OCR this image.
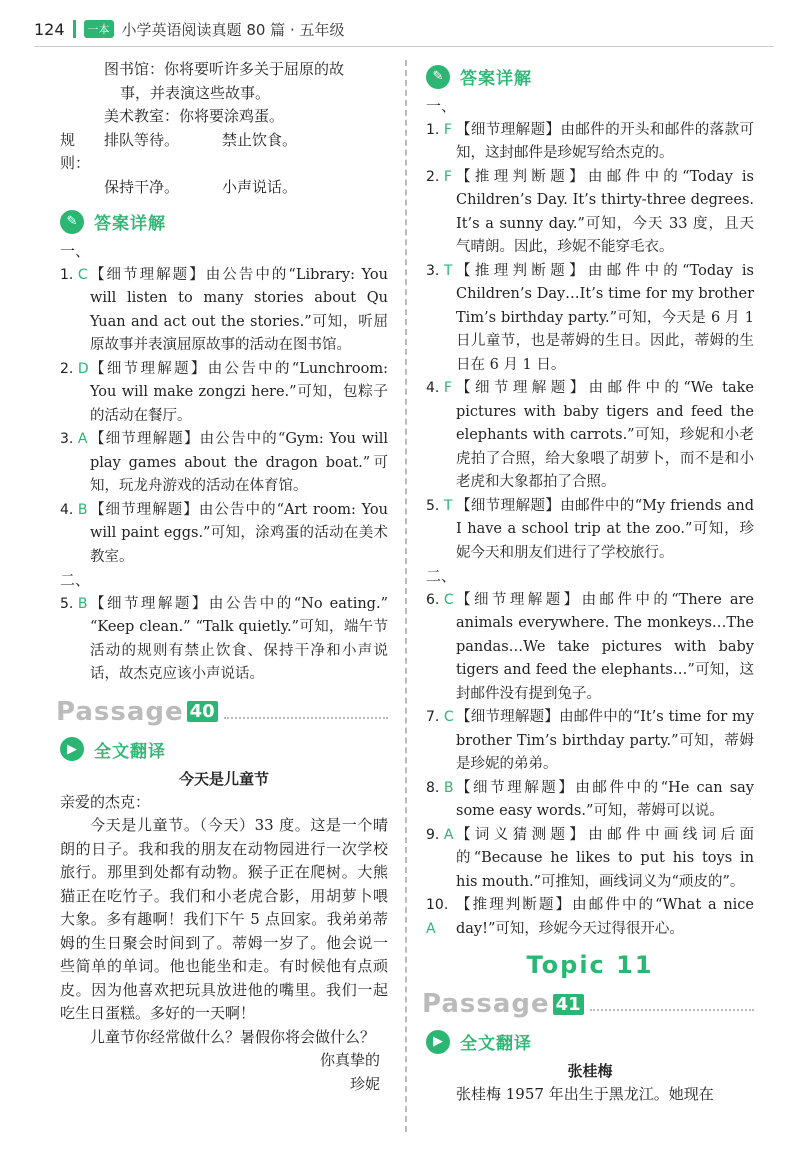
124	一本 小学英语阅读真题 80 篇 · 五年级

图书馆：你将要听许多关于屈原的故

事，并表演这些故事。

美术教室：你将要涂鸡蛋。

规则：
排队等待。	禁止饮食。
保持干净。	小声说话。
✎ 答案详解

一、

1. C 【细节理解题】由公告中的“Library: You will listen to many stories about Qu Yuan and act out the stories.”可知，听屈原故事并表演屈原故事的活动在图书馆。
2. D 【细节理解题】由公告中的“Lunchroom: You will make zongzi here.”可知，包粽子的活动在餐厅。
3. A 【细节理解题】由公告中的“Gym: You will play games about the dragon boat.”可知，玩龙舟游戏的活动在体育馆。
4. B 【细节理解题】由公告中的“Art room: You will paint eggs.”可知，涂鸡蛋的活动在美术教室。

二、

5. B 【细节理解题】由公告中的“No eating.” “Keep clean.” “Talk quietly.”可知，端午节活动的规则有禁止饮食、保持干净和小声说话，故杰克应该小声说话。
Passage 40
▶	全文翻译
今天是儿童节

亲爱的杰克：

今天是儿童节。（今天）33 度。这是一个晴朗的日子。我和我的朋友在动物园进行一次学校旅行。那里到处都有动物。猴子正在爬树。大熊猫正在吃竹子。我们和小老虎合影，用胡萝卜喂大象。多有趣啊！我们下午 5 点回家。我弟弟蒂姆的生日聚会时间到了。蒂姆一岁了。他会说一些简单的单词。他也能坐和走。有时候他有点顽皮。因为他喜欢把玩具放进他的嘴里。我们一起吃生日蛋糕。多好的一天啊！

儿童节你经常做什么？暑假你将会做什么？

你真挚的
珍妮
✎ 答案详解

一、

1. F 【细节理解题】由邮件的开头和邮件的落款可知，这封邮件是珍妮写给杰克的。
2. F 【推理判断题】由邮件中的“Today is Children’s Day. It’s thirty-three degrees. It’s a sunny day.”可知，今天 33 度，且天气晴朗。因此，珍妮不能穿毛衣。
3. T 【推理判断题】由邮件中的“Today is Children’s Day…It’s time for my brother Tim’s birthday party.”可知，今天是 6 月 1 日儿童节，也是蒂姆的生日。因此，蒂姆的生日在 6 月 1 日。
4. F 【细节理解题】由邮件中的“We take pictures with baby tigers and feed the elephants with carrots.”可知，珍妮和小老虎拍了合照，给大象喂了胡萝卜，而不是和小老虎和大象都拍了合照。
5. T 【细节理解题】由邮件中的“My friends and I have a school trip at the zoo.”可知，珍妮今天和朋友们进行了学校旅行。

二、

6. C 【细节理解题】由邮件中的“There are animals everywhere. The monkeys…The pandas…We take pictures with baby tigers and feed the elephants…”可知，这封邮件没有提到兔子。
7. C 【细节理解题】由邮件中的“It’s time for my brother Tim’s birthday party.”可知，蒂姆是珍妮的弟弟。
8. B 【细节理解题】由邮件中的“He can say some easy words.”可知，蒂姆可以说。
9. A 【词义猜测题】由邮件中画线词后面的“Because he likes to put his toys in his mouth.”可推知，画线词义为“顽皮的”。
10. A
【推理判断题】由邮件中的“What a nice day!”可知，珍妮今天过得很开心。
Topic 11
Passage 41
▶	全文翻译
张桂梅

张桂梅 1957 年出生于黑龙江。她现在
